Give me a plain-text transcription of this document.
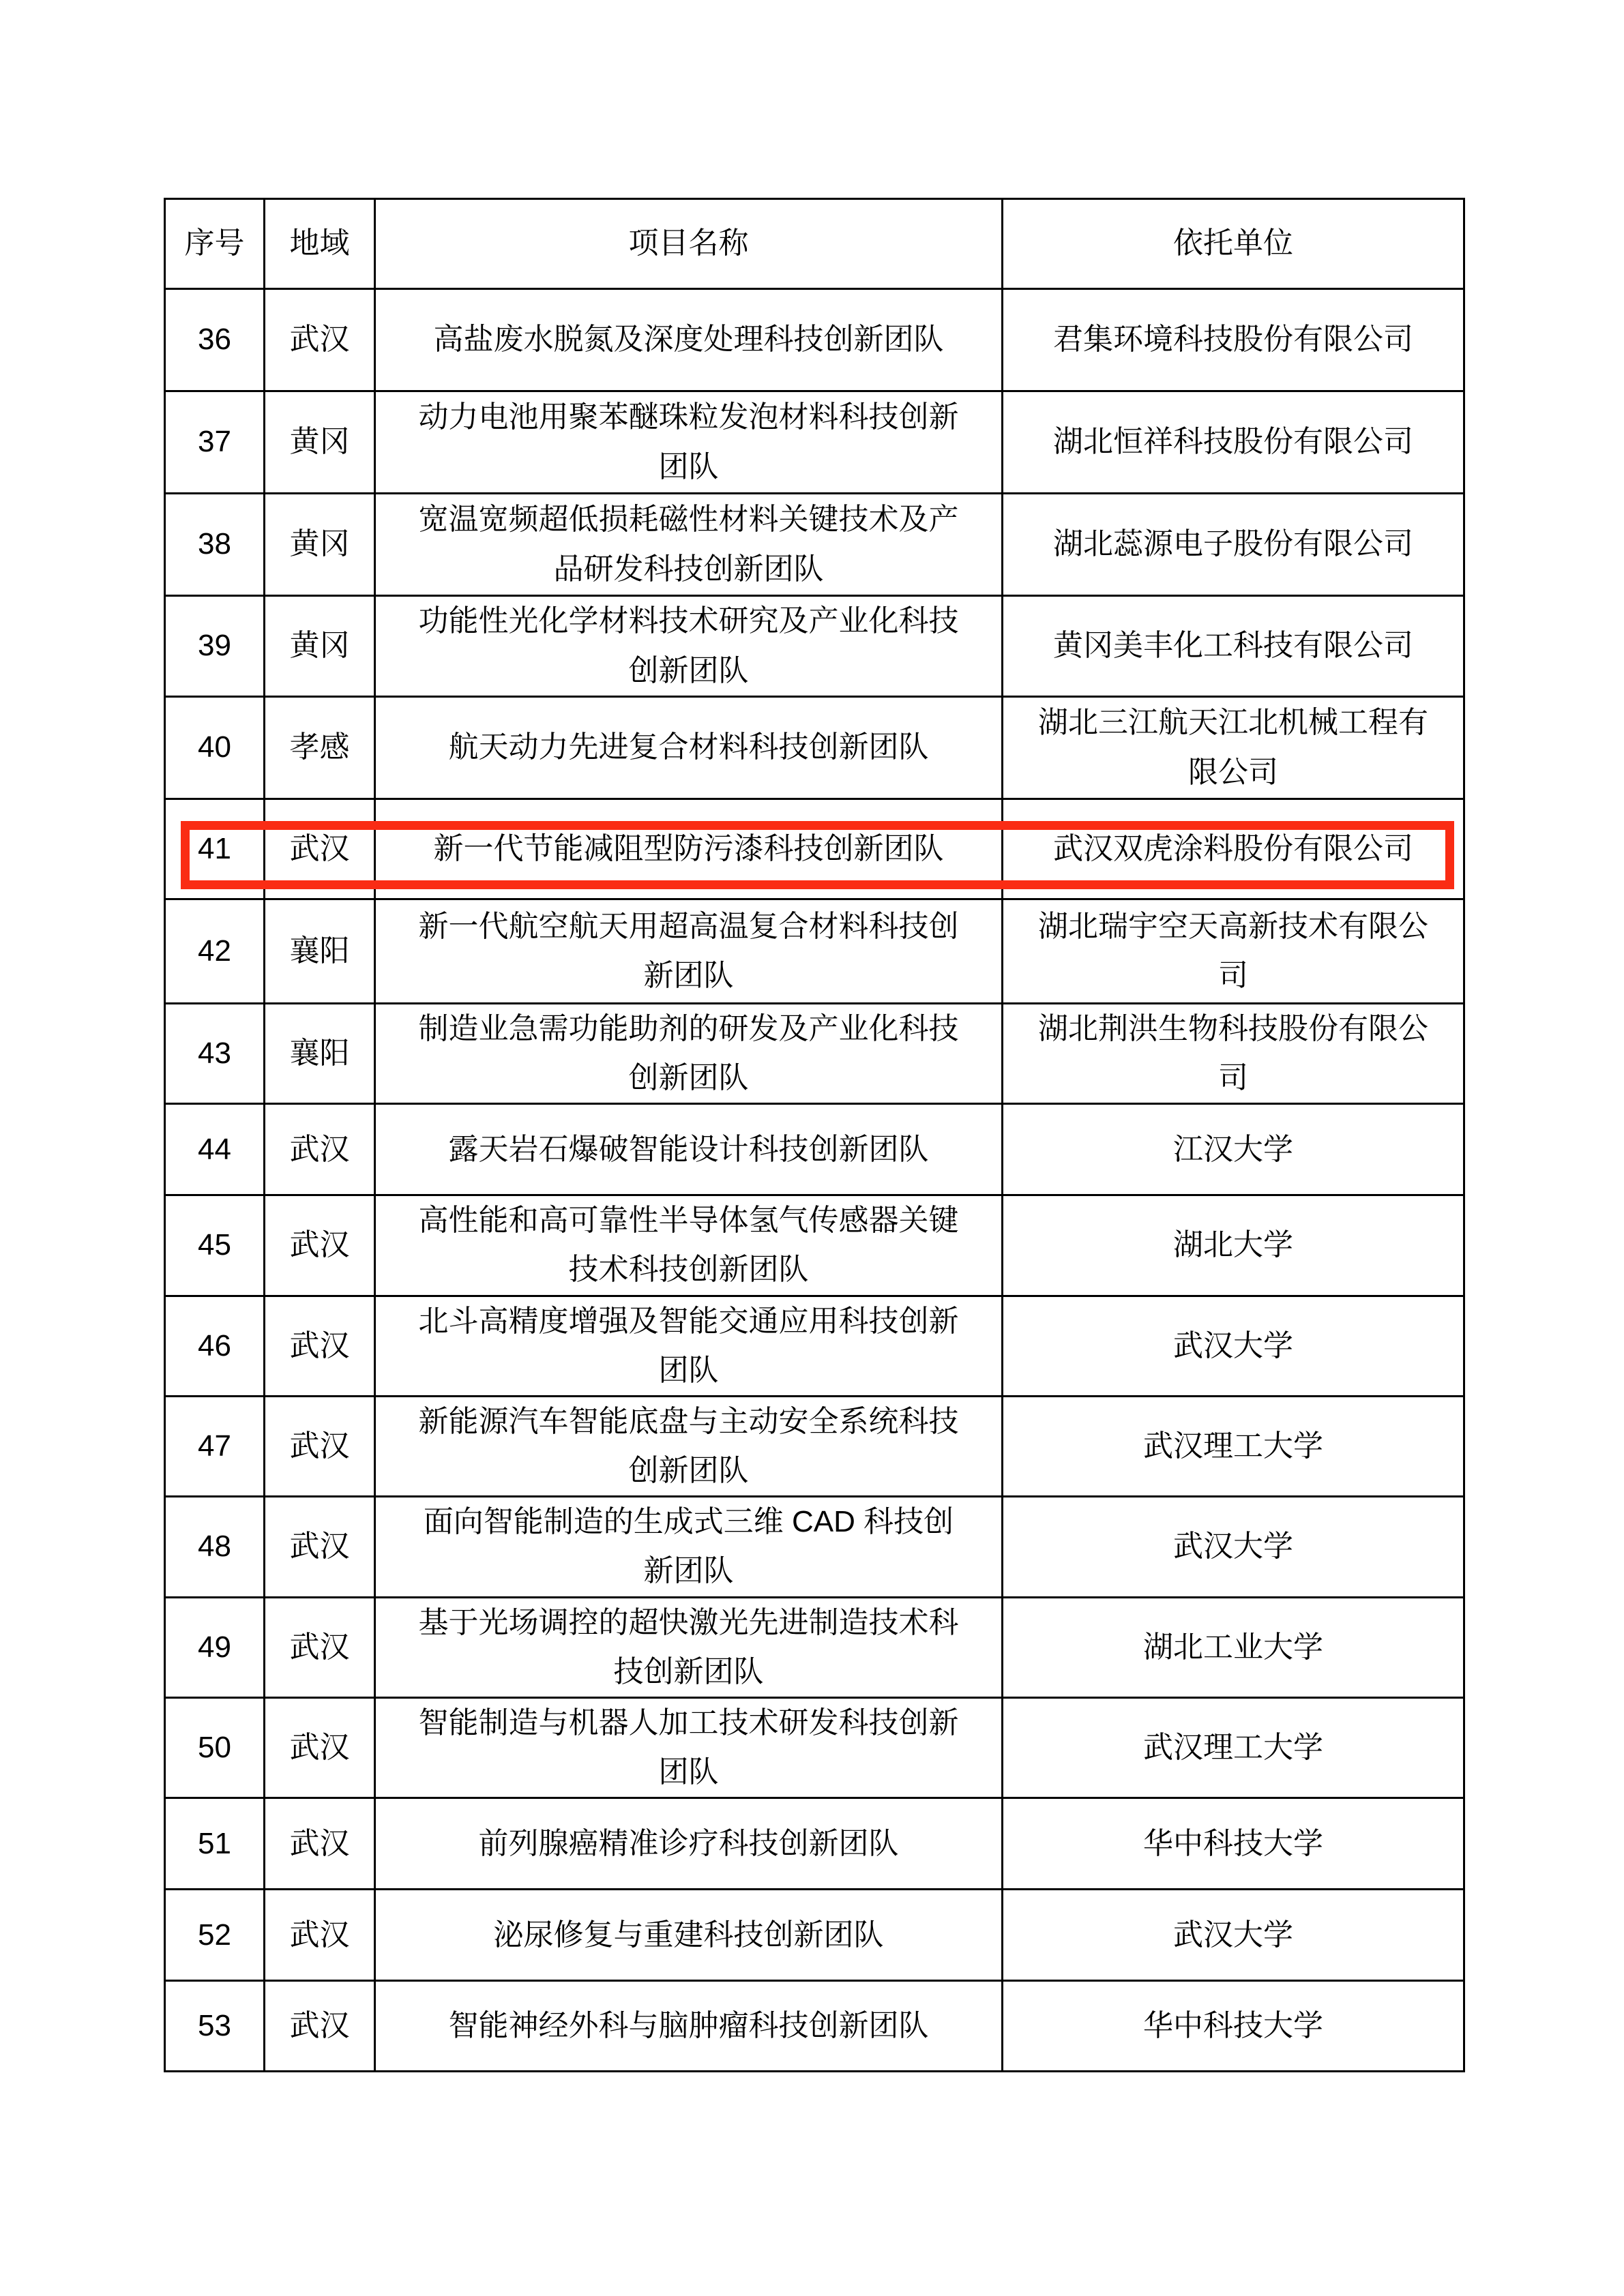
序号	地域	项目名称	依托单位
36	武汉	高盐废水脱氮及深度处理科技创新团队	君集环境科技股份有限公司
37	黄冈	动力电池用聚苯醚珠粒发泡材料科技创新团队	湖北恒祥科技股份有限公司
38	黄冈	宽温宽频超低损耗磁性材料关键技术及产品研发科技创新团队	湖北蕊源电子股份有限公司
39	黄冈	功能性光化学材料技术研究及产业化科技创新团队	黄冈美丰化工科技有限公司
40	孝感	航天动力先进复合材料科技创新团队	湖北三江航天江北机械工程有限公司
41	武汉	新一代节能减阻型防污漆科技创新团队	武汉双虎涂料股份有限公司
42	襄阳	新一代航空航天用超高温复合材料科技创新团队	湖北瑞宇空天高新技术有限公司
43	襄阳	制造业急需功能助剂的研发及产业化科技创新团队	湖北荆洪生物科技股份有限公司
44	武汉	露天岩石爆破智能设计科技创新团队	江汉大学
45	武汉	高性能和高可靠性半导体氢气传感器关键技术科技创新团队	湖北大学
46	武汉	北斗高精度增强及智能交通应用科技创新团队	武汉大学
47	武汉	新能源汽车智能底盘与主动安全系统科技创新团队	武汉理工大学
48	武汉	面向智能制造的生成式三维 CAD 科技创新团队	武汉大学
49	武汉	基于光场调控的超快激光先进制造技术科技创新团队	湖北工业大学
50	武汉	智能制造与机器人加工技术研发科技创新团队	武汉理工大学
51	武汉	前列腺癌精准诊疗科技创新团队	华中科技大学
52	武汉	泌尿修复与重建科技创新团队	武汉大学
53	武汉	智能神经外科与脑肿瘤科技创新团队	华中科技大学
